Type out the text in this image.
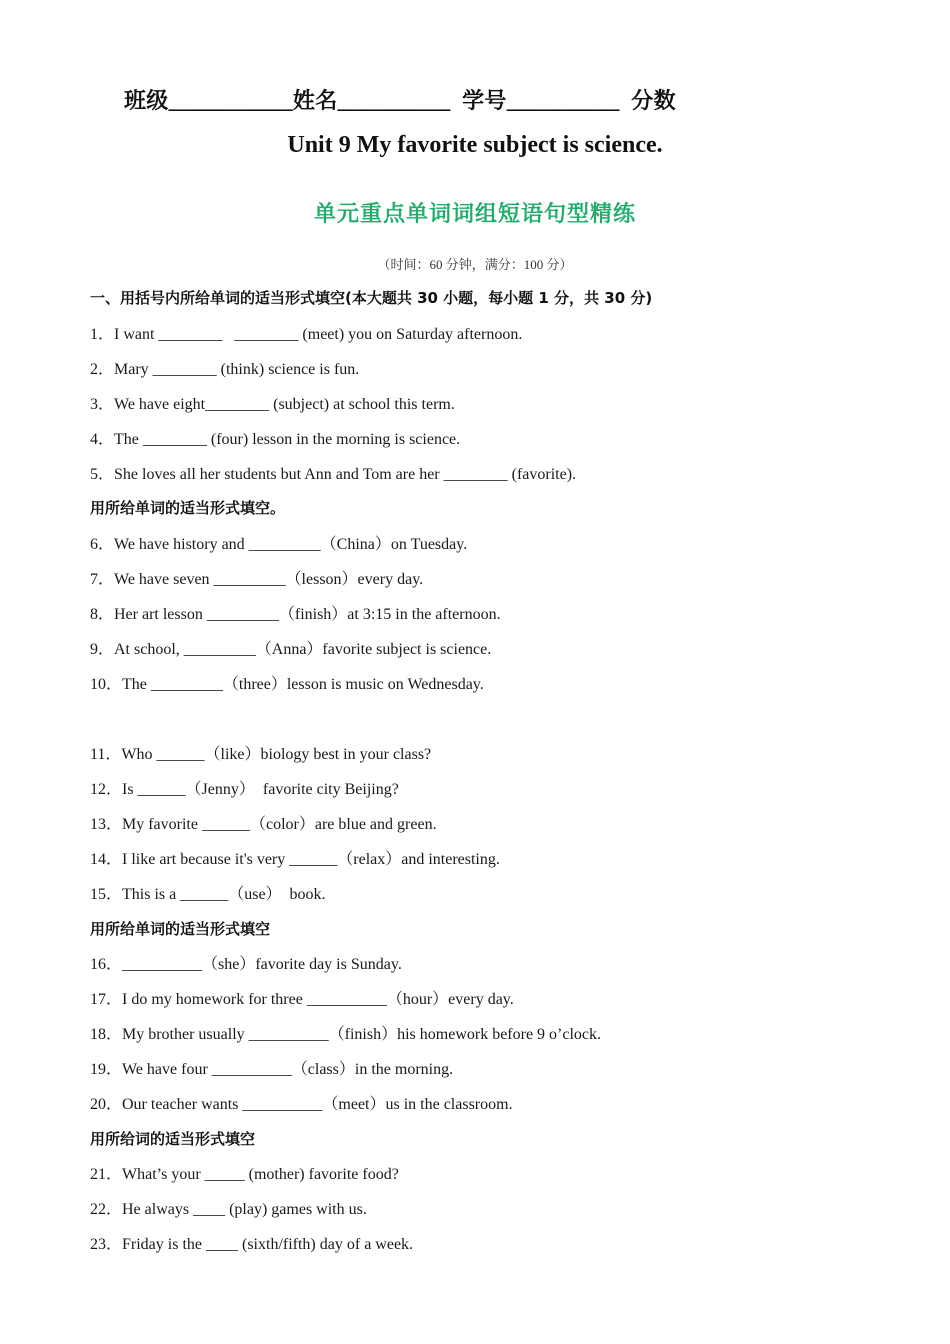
班级___________姓名__________  学号__________  分数
Unit 9 My favorite subject is science.
单元重点单词词组短语句型精练
（时间：60 分钟，满分：100 分）
一、用括号内所给单词的适当形式填空(本大题共 30 小题，每小题 1 分，共 30 分)
1．I want ________   ________ (meet) you on Saturday afternoon.
2．Mary ________ (think) science is fun.
3．We have eight________ (subject) at school this term.
4．The ________ (four) lesson in the morning is science.
5．She loves all her students but Ann and Tom are her ________ (favorite).
用所给单词的适当形式填空。
6．We have history and _________（China）on Tuesday.
7．We have seven _________（lesson）every day.
8．Her art lesson _________（finish）at 3:15 in the afternoon.
9．At school, _________（Anna）favorite subject is science.
10．The _________（three）lesson is music on Wednesday.
11．Who ______（like）biology best in your class?
12．Is ______（Jenny）  favorite city Beijing?
13．My favorite ______（color）are blue and green.
14．I like art because it's very ______（relax）and interesting.
15．This is a ______（use）  book.
用所给单词的适当形式填空
16．__________（she）favorite day is Sunday.
17．I do my homework for three __________（hour）every day.
18．My brother usually __________（finish）his homework before 9 o’clock.
19．We have four __________（class）in the morning.
20．Our teacher wants __________（meet）us in the classroom.
用所给词的适当形式填空
21．What’s your _____ (mother) favorite food?
22．He always ____ (play) games with us.
23．Friday is the ____ (sixth/fifth) day of a week.
